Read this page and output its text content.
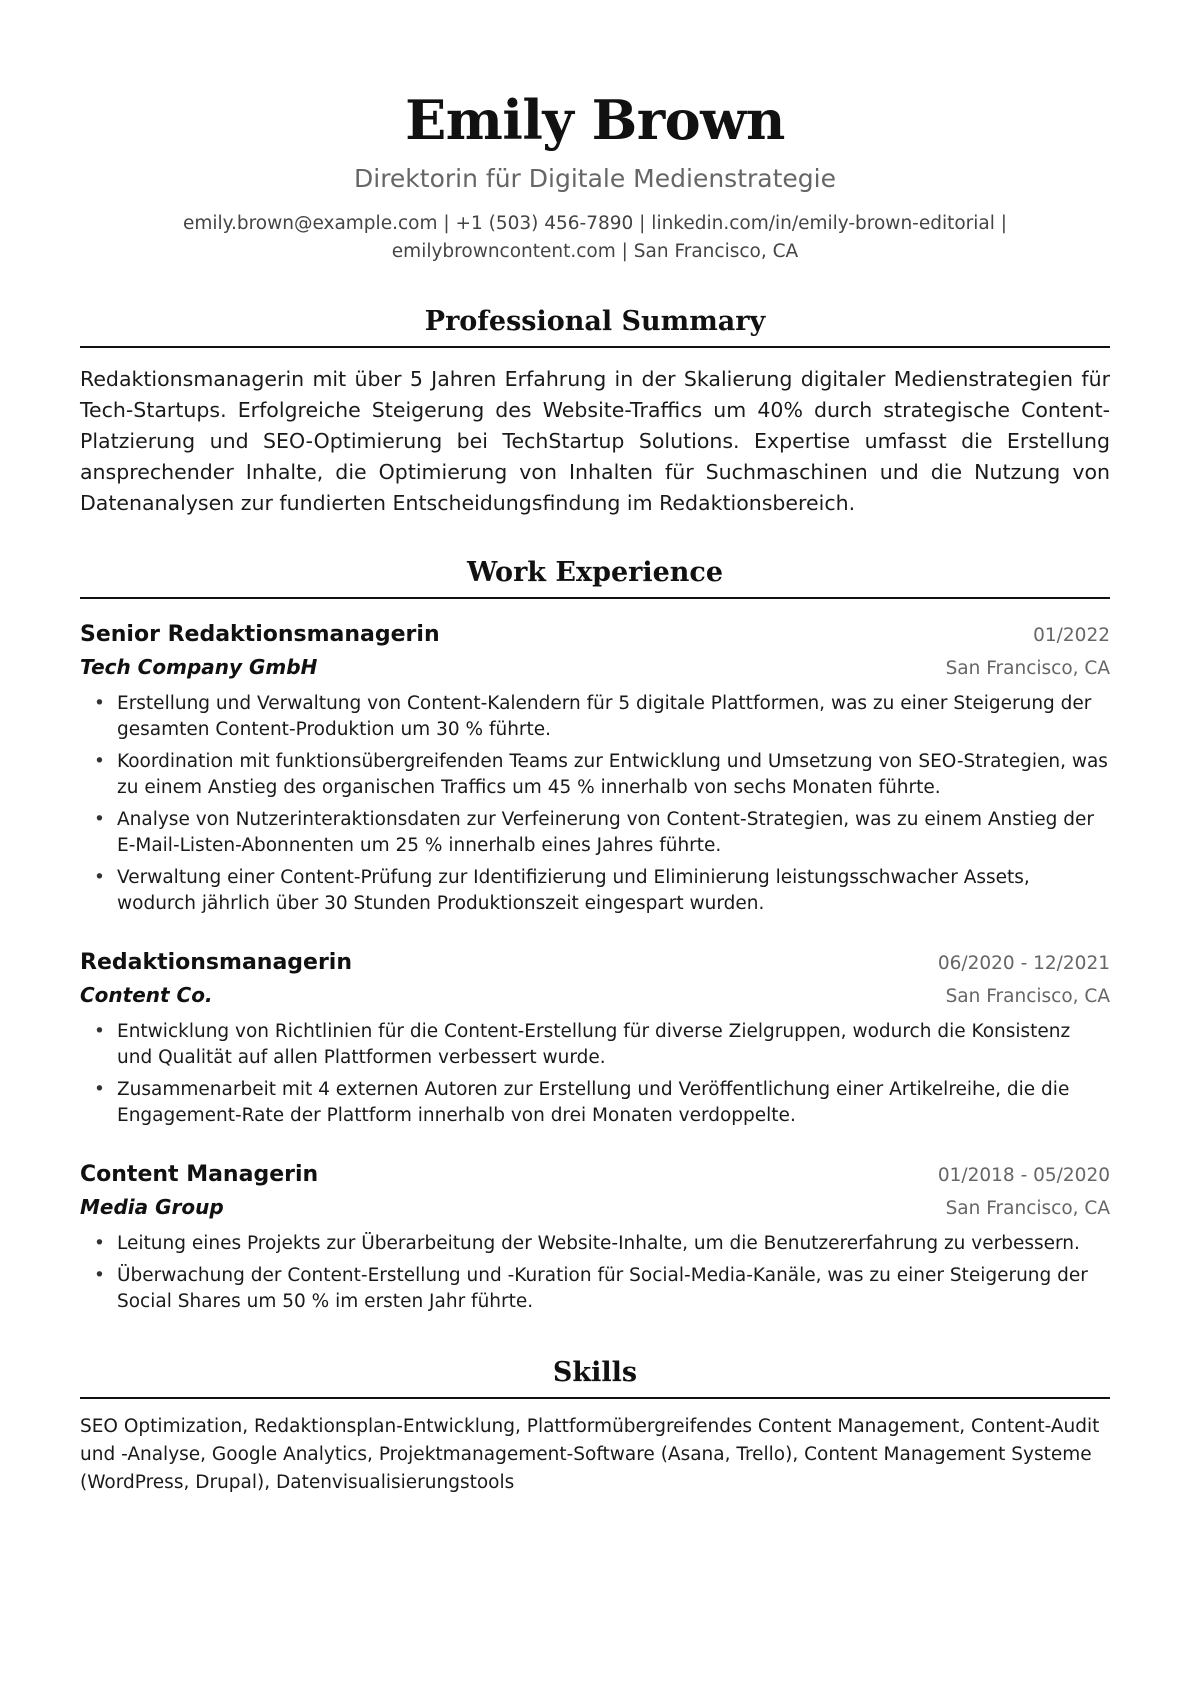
Emily Brown
Direktorin für Digitale Medienstrategie
emily.brown@example.com | +1 (503) 456-7890 | linkedin.com/in/emily-brown-editorial | emilybrowncontent.com | San Francisco, CA
Professional Summary

Redaktionsmanagerin mit über 5 Jahren Erfahrung in der Skalierung digitaler Medienstrategien für Tech-Startups. Erfolgreiche Steigerung des Website-Traffics um 40% durch strategische Content-Platzierung und SEO-Optimierung bei TechStartup Solutions. Expertise umfasst die Erstellung ansprechender Inhalte, die Optimierung von Inhalten für Suchmaschinen und die Nutzung von Datenanalysen zur fundierten Entscheidungsfindung im Redaktionsbereich.

Work Experience
Senior Redaktionsmanagerin	01/2022
Tech Company GmbH	San Francisco, CA
• Erstellung und Verwaltung von Content-Kalendern für 5 digitale Plattformen, was zu einer Steigerung der gesamten Content-Produktion um 30 % führte.
• Koordination mit funktionsübergreifenden Teams zur Entwicklung und Umsetzung von SEO-Strategien, was zu einem Anstieg des organischen Traffics um 45 % innerhalb von sechs Monaten führte.
• Analyse von Nutzerinteraktionsdaten zur Verfeinerung von Content-Strategien, was zu einem Anstieg der E-Mail-Listen-Abonnenten um 25 % innerhalb eines Jahres führte.
• Verwaltung einer Content-Prüfung zur Identifizierung und Eliminierung leistungsschwacher Assets, wodurch jährlich über 30 Stunden Produktionszeit eingespart wurden.
Redaktionsmanagerin	06/2020 - 12/2021
Content Co.	San Francisco, CA
• Entwicklung von Richtlinien für die Content-Erstellung für diverse Zielgruppen, wodurch die Konsistenz und Qualität auf allen Plattformen verbessert wurde.
• Zusammenarbeit mit 4 externen Autoren zur Erstellung und Veröffentlichung einer Artikelreihe, die die Engagement-Rate der Plattform innerhalb von drei Monaten verdoppelte.
Content Managerin	01/2018 - 05/2020
Media Group	San Francisco, CA
• Leitung eines Projekts zur Überarbeitung der Website-Inhalte, um die Benutzererfahrung zu verbessern.
• Überwachung der Content-Erstellung und -Kuration für Social-Media-Kanäle, was zu einer Steigerung der Social Shares um 50 % im ersten Jahr führte.
Skills

SEO Optimization, Redaktionsplan-Entwicklung, Plattformübergreifendes Content Management, Content-Audit und -Analyse, Google Analytics, Projektmanagement-Software (Asana, Trello), Content Management Systeme (WordPress, Drupal), Datenvisualisierungstools
